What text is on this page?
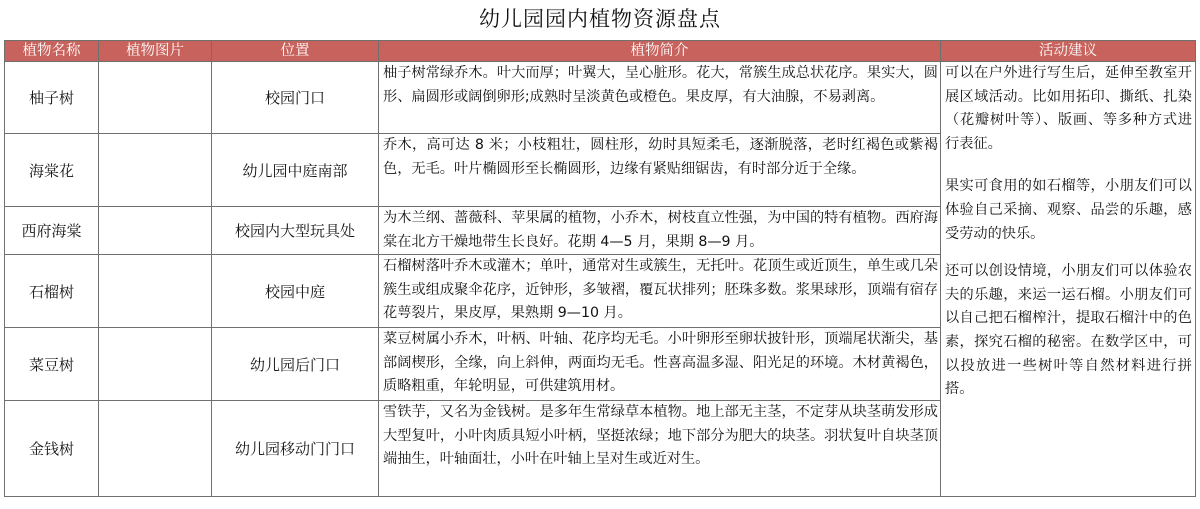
幼儿园园内植物资源盘点
植物名称	植物图片	位置	植物简介	活动建议
柚子树		校园门口	柚子树常绿乔木。叶大而厚；叶翼大，呈心脏形。花大，常簇生成总状花序。果实大，圆形、扁圆形或阔倒卵形;成熟时呈淡黄色或橙色。果皮厚，有大油腺，不易剥离。	可以在户外进行写生后，延伸至教室开展区域活动。比如用拓印、撕纸、扎染（花瓣树叶等）、版画、等多种方式进行表征。

果实可食用的如石榴等，小朋友们可以体验自己采摘、观察、品尝的乐趣，感受劳动的快乐。

还可以创设情境，小朋友们可以体验农夫的乐趣，来运一运石榴。小朋友们可以自己把石榴榨汁，提取石榴汁中的色素，探究石榴的秘密。在数学区中，可以投放进一些树叶等自然材料进行拼搭。

海棠花		幼儿园中庭南部	乔木，高可达 8 米；小枝粗壮，圆柱形，幼时具短柔毛，逐渐脱落，老时红褐色或紫褐色，无毛。叶片椭圆形至长椭圆形，边缘有紧贴细锯齿，有时部分近于全缘。	
西府海棠		校园内大型玩具处	为木兰纲、蔷薇科、苹果属的植物，小乔木，树枝直立性强，为中国的特有植物。西府海棠在北方干燥地带生长良好。花期 4—5 月，果期 8—9 月。	
石榴树		校园中庭	石榴树落叶乔木或灌木；单叶，通常对生或簇生，无托叶。花顶生或近顶生，单生或几朵簇生或组成聚伞花序，近钟形，多皱褶，覆瓦状排列；胚珠多数。浆果球形，顶端有宿存花萼裂片，果皮厚，果熟期 9—10 月。	
菜豆树		幼儿园后门口	菜豆树属小乔木，叶柄、叶轴、花序均无毛。小叶卵形至卵状披针形，顶端尾状渐尖，基部阔楔形，全缘，向上斜伸，两面均无毛。性喜高温多湿、阳光足的环境。木材黄褐色，质略粗重，年轮明显，可供建筑用材。	
金钱树		幼儿园移动门门口	雪铁芋，又名为金钱树。是多年生常绿草本植物。地上部无主茎，不定芽从块茎萌发形成大型复叶，小叶肉质具短小叶柄，坚挺浓绿；地下部分为肥大的块茎。羽状复叶自块茎顶端抽生，叶轴面壮，小叶在叶轴上呈对生或近对生。	
